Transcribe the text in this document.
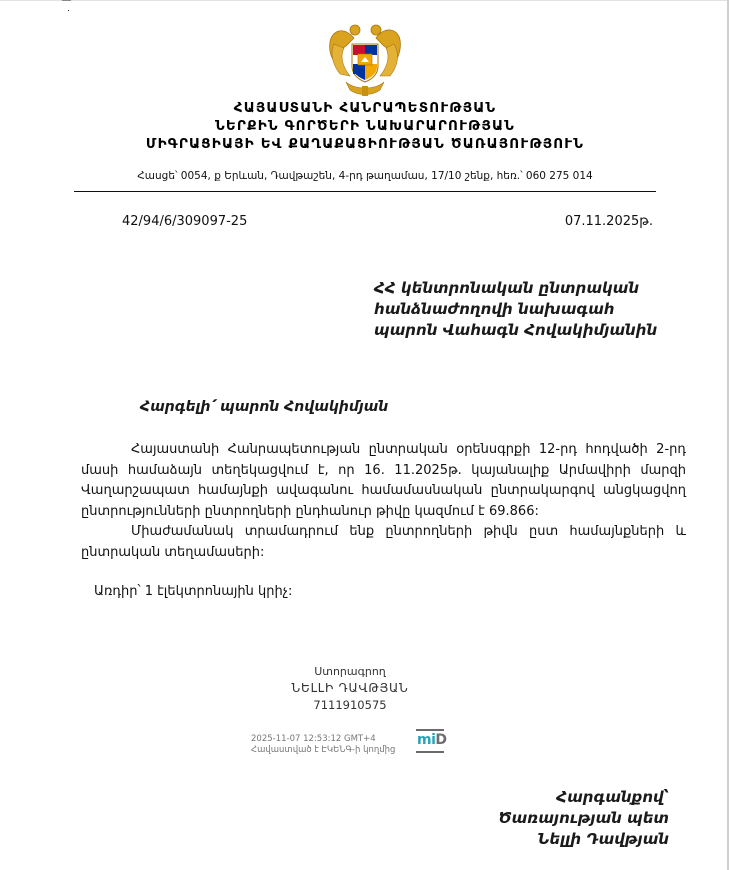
ՀԱՅԱՍՏԱՆԻ ՀԱՆՐԱՊԵՏՈՒԹՅԱՆ
ՆԵՐՔԻՆ ԳՈՐԾԵՐԻ ՆԱԽԱՐԱՐՈՒԹՅԱՆ
ՄԻԳՐԱՑԻԱՅԻ ԵՎ ՔԱՂԱՔԱՑԻՈՒԹՅԱՆ ԾԱՌԱՅՈՒԹՅՈՒՆ
Հասցե՝ 0054, ք Երևան, Դավթաշեն, 4-րդ թաղամաս, 17/10 շենք, հեռ.՝ 060 275 014
42/94/6/309097-25	07.11.2025թ.
ՀՀ կենտրոնական ընտրական
հանձնաժողովի նախագահ
պարոն Վահագն Հովակիմյանին
Հարգելի՛ պարոն Հովակիմյան

Հայաստանի Հանրապետության ընտրական օրենսգրքի 12-րդ հոդվածի 2-րդ մասի համաձայն տեղեկացվում է, որ 16. 11.2025թ. կայանալիք Արմավիրի մարզի Վաղարշապատ համայնքի ավագանու համամասնական ընտրակարգով անցկացվող ընտրությունների ընտրողների ընդհանուր թիվը կազմում է 69.866:

Միաժամանակ տրամադրում ենք ընտրողների թիվն ըստ համայնքների և ընտրական տեղամասերի:

Առդիր՝ 1 էլեկտրոնային կրիչ:
Ստորագրող
ՆԵԼԼԻ ԴԱՎԹՅԱՆ
7111910575
2025-11-07 12:53:12 GMT+4
Հավաստված է ԷԿԵՆԳ-ի կողմից
miD
Հարգանքով՝
Ծառայության պետ
Նելլի Դավթյան
